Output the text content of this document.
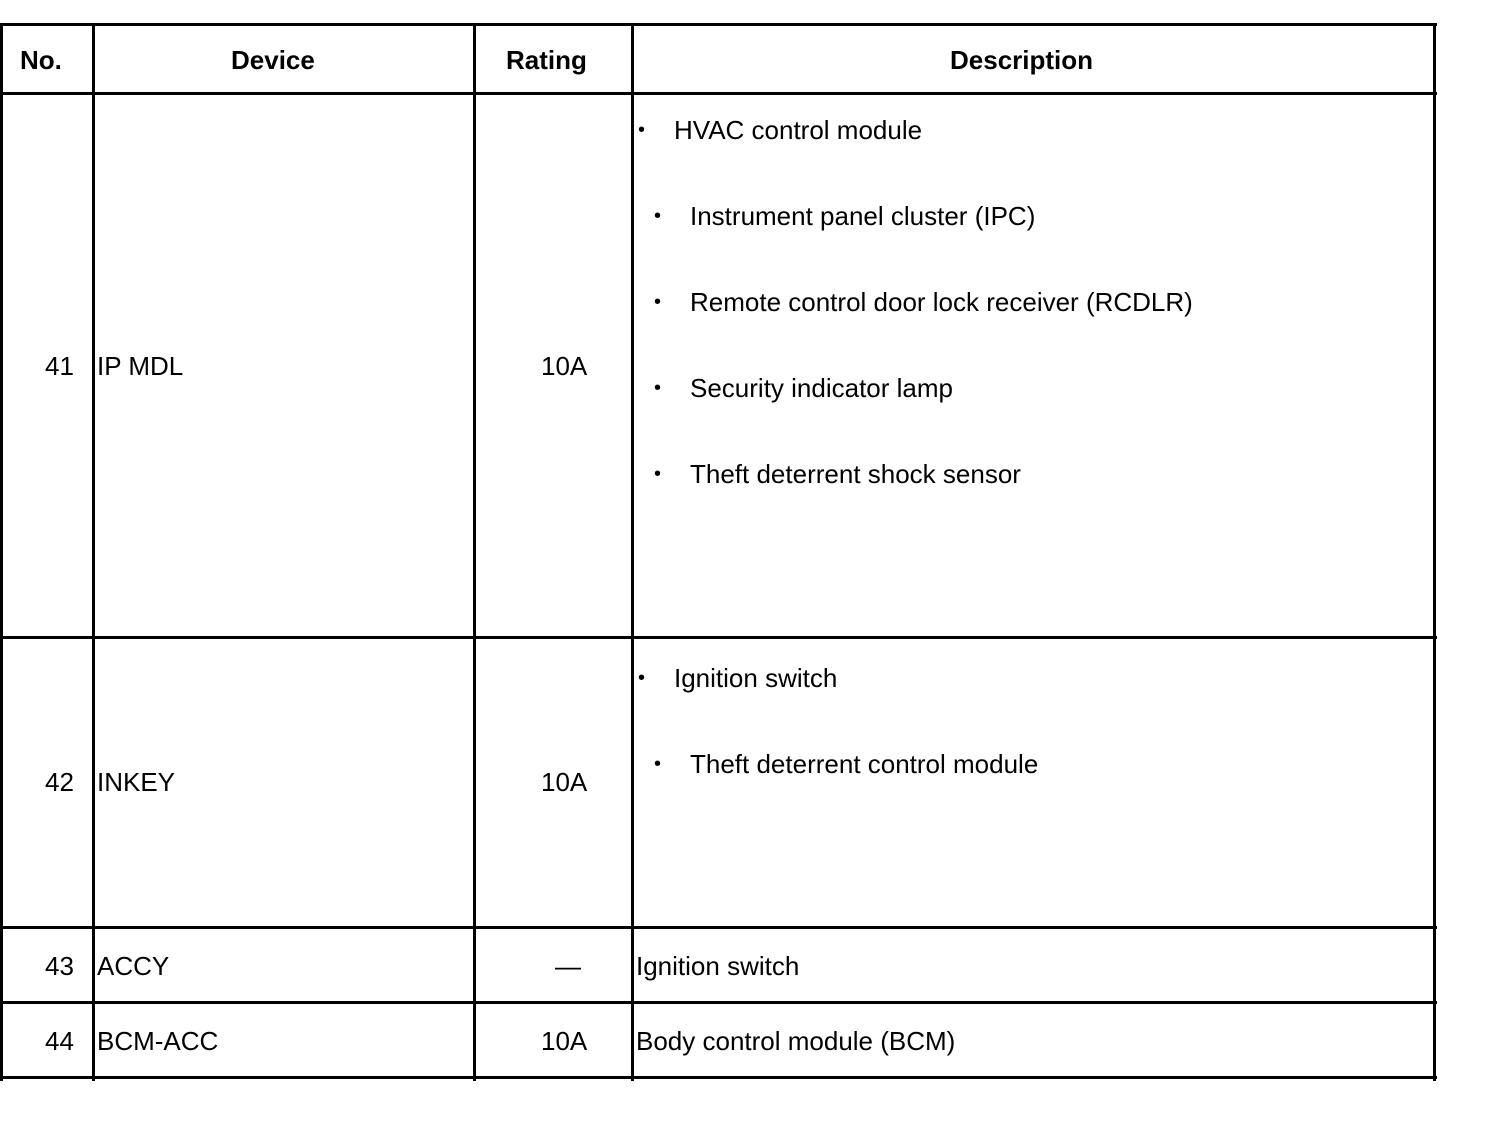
No.	Device	Rating	Description
41 IP MDL	10A
• HVAC control module
• Instrument panel cluster (IPC)
• Remote control door lock receiver (RCDLR)
• Security indicator lamp
• Theft deterrent shock sensor
42 INKEY	10A
• Ignition switch
• Theft deterrent control module
43 ACCY	— Ignition switch
44 BCM-ACC	10A Body control module (BCM)
